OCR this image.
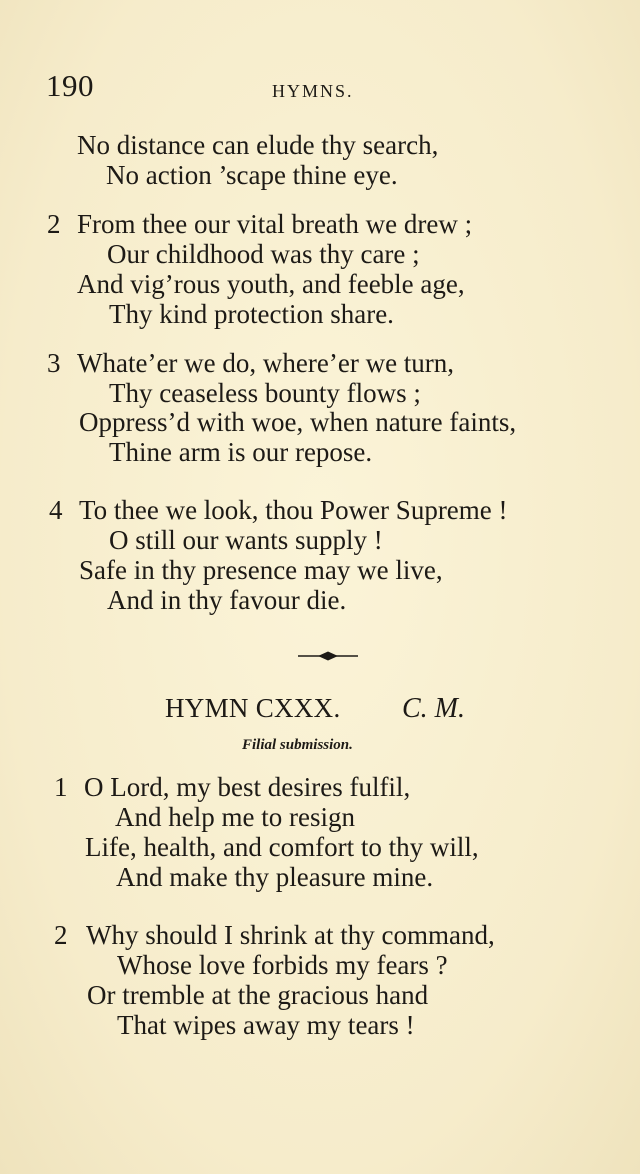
190	HYMNS.
No distance can elude thy search,
No action ’scape thine eye.
2 From thee our vital breath we drew ;
Our childhood was thy care ;
And vig’rous youth, and feeble age,
Thy kind protection share.
3 Whate’er we do, where’er we turn,
Thy ceaseless bounty flows ;
Oppress’d with woe, when nature faints,
Thine arm is our repose.
4 To thee we look, thou Power Supreme !
O still our wants supply !
Safe in thy presence may we live,
And in thy favour die.
HYMN CXXX. C. M.
Filial submission.
1 O Lord, my best desires fulfil,
And help me to resign
Life, health, and comfort to thy will,
And make thy pleasure mine.
2 Why should I shrink at thy command,
Whose love forbids my fears ?
Or tremble at the gracious hand
That wipes away my tears !
